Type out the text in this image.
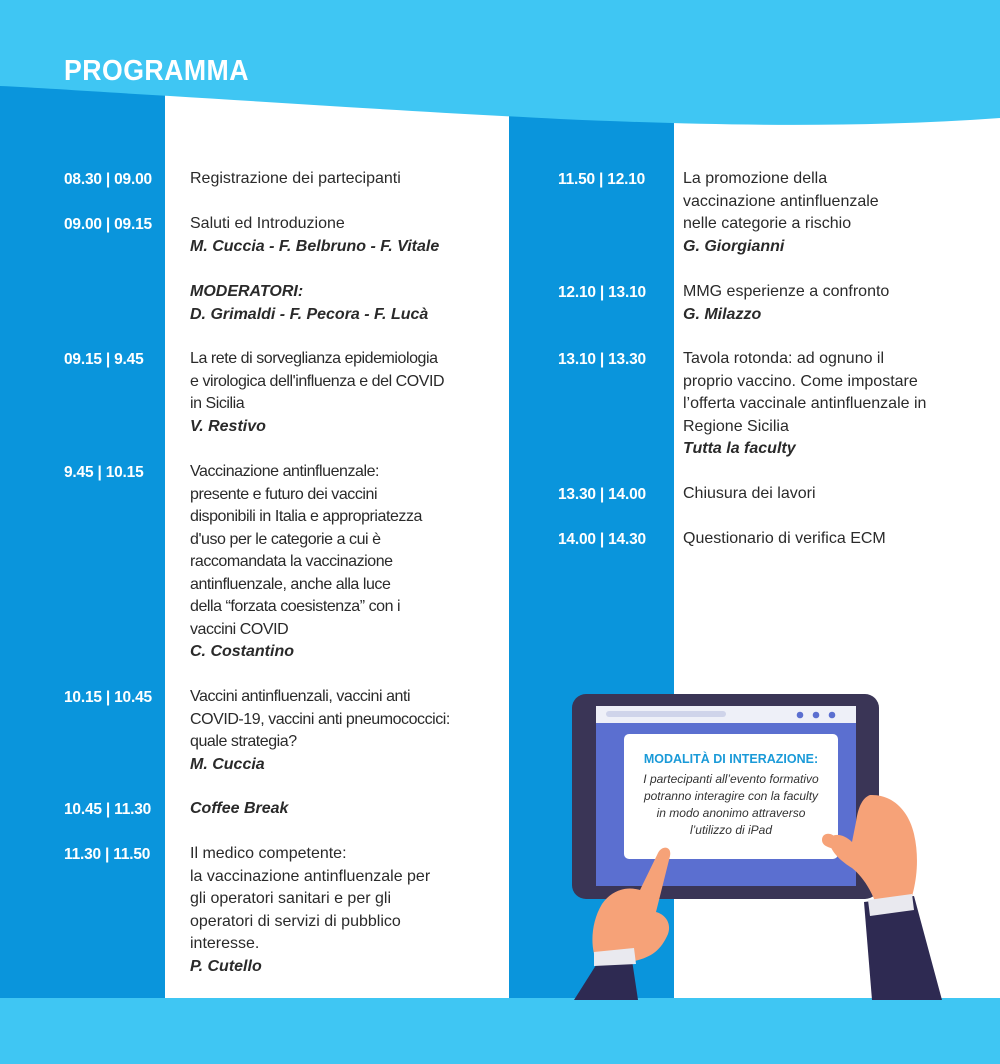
PROGRAMMA
08.30 | 09.00 Registrazione dei partecipanti
09.00 | 09.15 Saluti ed Introduzione
M. Cuccia - F. Belbruno - F. Vitale
MODERATORI:
D. Grimaldi - F. Pecora - F. Lucà
09.15 | 9.45	La rete di sorveglianza epidemiologia
e virologica dell'influenza e del COVID
in Sicilia
V. Restivo
9.45 | 10.15	Vaccinazione antinfluenzale:
presente e futuro dei vaccini
disponibili in Italia e appropriatezza
d'uso per le categorie a cui è
raccomandata la vaccinazione
antinfluenzale, anche alla luce
della “forzata coesistenza” con i
vaccini COVID
C. Costantino
10.15 | 10.45 Vaccini antinfluenzali, vaccini anti
COVID-19, vaccini anti pneumococcici:
quale strategia?
M. Cuccia
10.45 | 11.30 Coffee Break
11.30 | 11.50 Il medico competente:
la vaccinazione antinfluenzale per
gli operatori sanitari e per gli
operatori di servizi di pubblico
interesse.
P. Cutello
11.50 | 12.10 La promozione della
vaccinazione antinfluenzale
nelle categorie a rischio
G. Giorgianni
12.10 | 13.10 MMG esperienze a confronto
G. Milazzo
13.10 | 13.30 Tavola rotonda: ad ognuno il
proprio vaccino. Come impostare
l’offerta vaccinale antinfluenzale in
Regione Sicilia
Tutta la faculty
13.30 | 14.00 Chiusura dei lavori
14.00 | 14.30 Questionario di verifica ECM
MODALITÀ DI INTERAZIONE:
I partecipanti all’evento formativo
potranno interagire con la faculty
in modo anonimo attraverso
l’utilizzo di iPad
